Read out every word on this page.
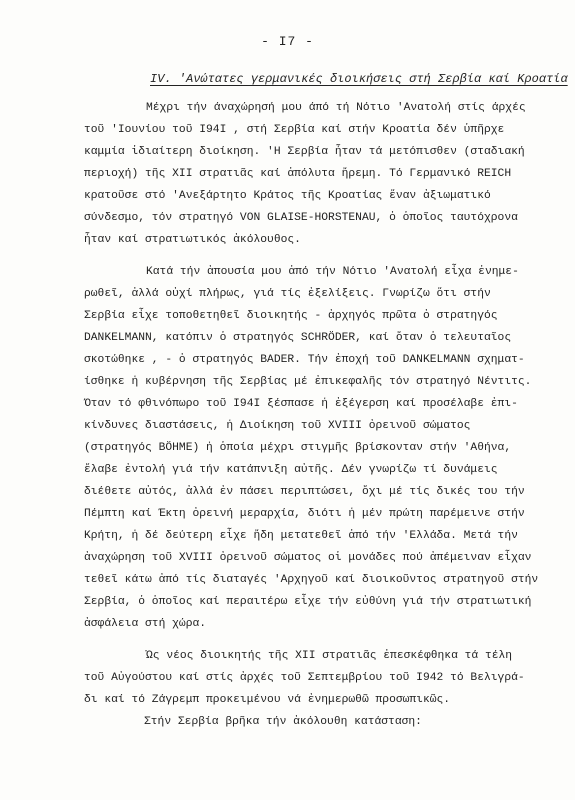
- I7 -
IV. 'Ανώτατες γερμανικές διοικήσεις στή Σερβία καί Κροατία
Μέχρι τήν άναχώρησή μου άπό τή Νότιο 'Ανατολή στίς άρχές
τοῦ 'Ιουνίου τοῦ I94I , στή Σερβία καί στήν Κροατία δέν ὑπῆρχε
καμμία ἰδιαίτερη διοίκηση. 'Η Σερβία ἦταν τά μετόπισθεν (σταδιακή
περιοχή) τῆς XII στρατιᾶς καί ἀπόλυτα ἤρεμη. Τό Γερμανικό REICH
κρατοῦσε στό 'Ανεξάρτητο Κράτος τῆς Κροατίας ἕναν ἀξιωματικό
σύνδεσμο, τόν στρατηγό VON GLAISE-HORSTENAU, ὁ ὁποῖος ταυτόχρονα
ἦταν καί στρατιωτικός ἀκόλουθος.
Κατά τήν ἀπουσία μου ἀπό τήν Νότιο 'Ανατολή εἶχα ἐνημε-
ρωθεῖ, ἀλλά οὐχί πλήρως, γιά τίς ἐξελίξεις. Γνωρίζω ὅτι στήν
Σερβία εἶχε τοποθετηθεῖ διοικητής - ἀρχηγός πρῶτα ὁ στρατηγός
DANKELMANN, κατόπιν ὁ στρατηγός SCHRÖDER, καί ὅταν ὁ τελευταῖος
σκοτώθηκε , - ὁ στρατηγός BADER. Τήν ἐποχή τοῦ DANKELMANN σχηματ-
ίσθηκε ἡ κυβέρνηση τῆς Σερβίας μέ ἐπικεφαλῆς τόν στρατηγό Νέντιτς.
Όταν τό φθινόπωρο τοῦ I94I ξέσπασε ἡ ἐξέγερση καί προσέλαβε ἐπι-
κίνδυνες διαστάσεις, ἡ Διοίκηση τοῦ XVIII ὀρεινοῦ σώματος
(στρατηγός BÖHME) ἡ ὁποία μέχρι στιγμῆς βρίσκονταν στήν 'Αθήνα,
ἔλαβε ἐντολή γιά τήν κατάπνιξη αὐτῆς. Δέν γνωρίζω τί δυνάμεις
διέθετε αὐτός, ἀλλά ἐν πάσει περιπτώσει, ὄχι μέ τίς δικές του τήν
Πέμπτη καί Έκτη ὀρεινή μεραρχία, διότι ἡ μέν πρώτη παρέμεινε στήν
Κρήτη, ἡ δέ δεύτερη εἶχε ἤδη μετατεθεῖ ἀπό τήν 'Ελλάδα. Μετά τήν
ἀναχώρηση τοῦ XVIII ὀρεινοῦ σώματος οἱ μονάδες πού ἀπέμειναν εἶχαν
τεθεῖ κάτω ἀπό τίς διαταγές 'Αρχηγοῦ καί διοικοῦντος στρατηγοῦ στήν
Σερβία, ὁ ὁποῖος καί περαιτέρω εἶχε τήν εὐθύνη γιά τήν στρατιωτική
ἀσφάλεια στή χώρα.
Ὡς νέος διοικητής τῆς XII στρατιᾶς ἐπεσκέφθηκα τά τέλη
τοῦ Αὐγούστου καί στίς ἀρχές τοῦ Σεπτεμβρίου τοῦ I942 τό Βελιγρά-
δι καί τό Ζάγρεμπ προκειμένου νά ἐνημερωθῶ προσωπικῶς.
Στήν Σερβία βρῆκα τήν ἀκόλουθη κατάσταση:
